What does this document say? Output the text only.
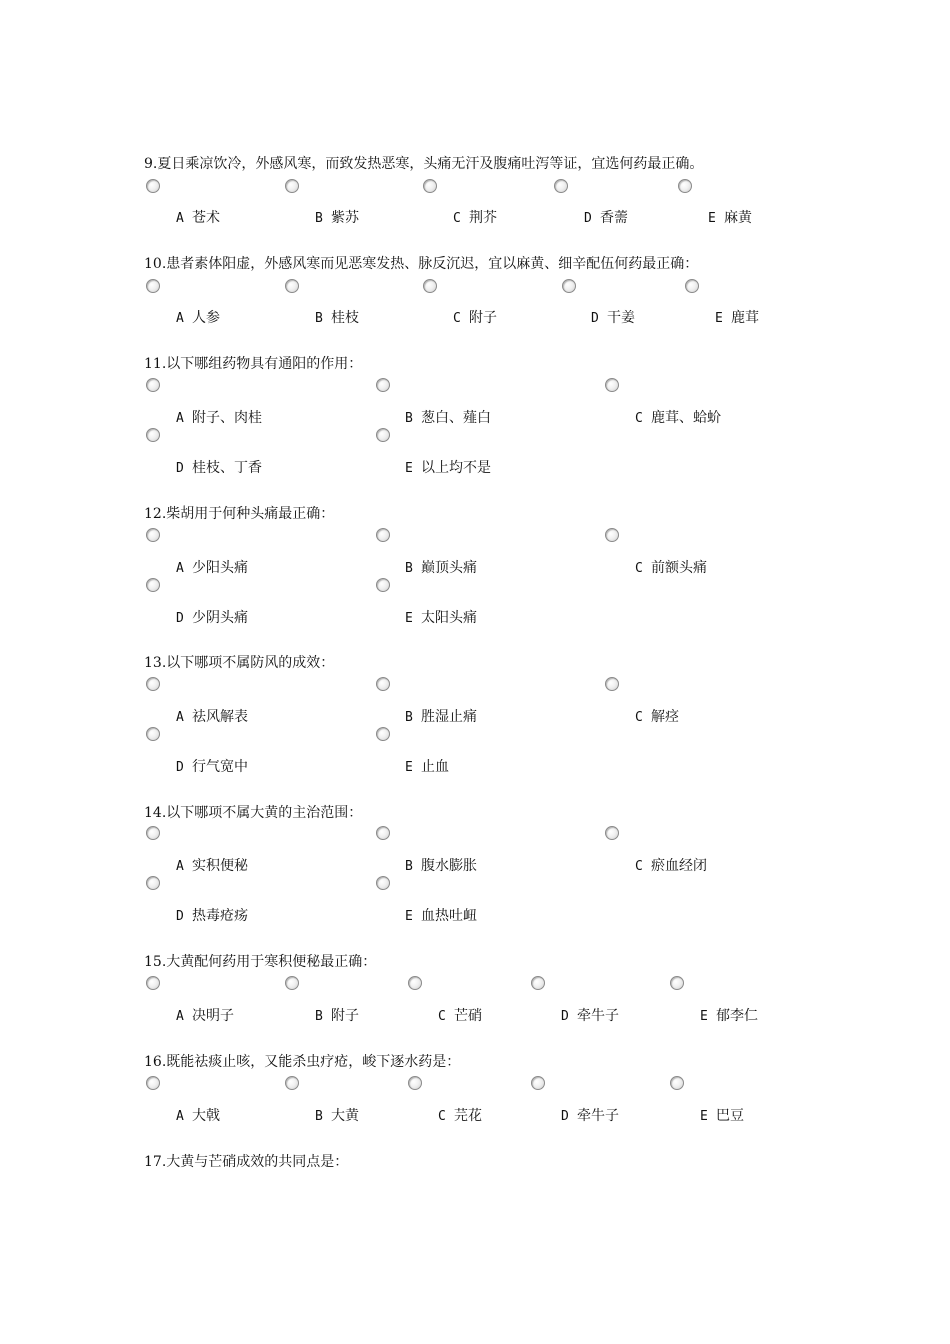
9.夏日乘凉饮冷，外感风寒，而致发热恶寒，头痛无汗及腹痛吐泻等证，宜选何药最正确。
A 苍术	B 紫苏	C 荆芥	D 香薷	E 麻黄
10.患者素体阳虚，外感风寒而见恶寒发热、脉反沉迟，宜以麻黄、细辛配伍何药最正确：
A 人参	B 桂枝	C 附子	D 干姜	E 鹿茸
11.以下哪组药物具有通阳的作用：
A 附子、肉桂	B 葱白、薤白	C 鹿茸、蛤蚧
D 桂枝、丁香	E 以上均不是
12.柴胡用于何种头痛最正确：
A 少阳头痛	B 巅顶头痛	C 前额头痛
D 少阴头痛	E 太阳头痛
13.以下哪项不属防风的成效：
A 祛风解表	B 胜湿止痛	C 解痉
D 行气宽中	E 止血
14.以下哪项不属大黄的主治范围：
A 实积便秘	B 腹水膨胀	C 瘀血经闭
D 热毒疮疡	E 血热吐衄
15.大黄配何药用于寒积便秘最正确：
A 决明子	B 附子	C 芒硝	D 牵牛子	E 郁李仁
16.既能祛痰止咳，又能杀虫疗疮，峻下逐水药是：
A 大戟	B 大黄	C 芫花	D 牵牛子	E 巴豆
17.大黄与芒硝成效的共同点是：
